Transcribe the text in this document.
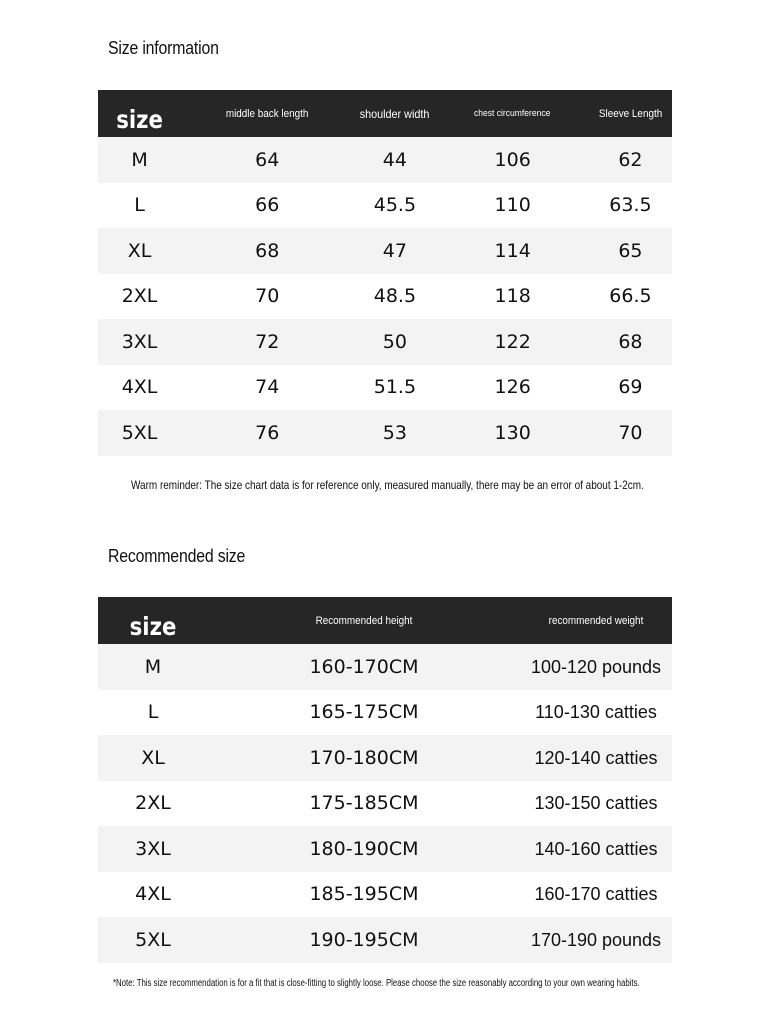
Size information
size	middle back length	shoulder width	chest circumference	Sleeve Length
M	64	44	106	62
L	66	45.5	110	63.5
XL	68	47	114	65
2XL	70	48.5	118	66.5
3XL	72	50	122	68
4XL	74	51.5	126	69
5XL	76	53	130	70

Warm reminder: The size chart data is for reference only, measured manually, there may be an error of about 1-2cm.

Recommended size
size	Recommended height	recommended weight
M	160-170CM	100-120 pounds
L	165-175CM	110-130 catties
XL	170-180CM	120-140 catties
2XL	175-185CM	130-150 catties
3XL	180-190CM	140-160 catties
4XL	185-195CM	160-170 catties
5XL	190-195CM	170-190 pounds

*Note: This size recommendation is for a fit that is close-fitting to slightly loose. Please choose the size reasonably according to your own wearing habits.
